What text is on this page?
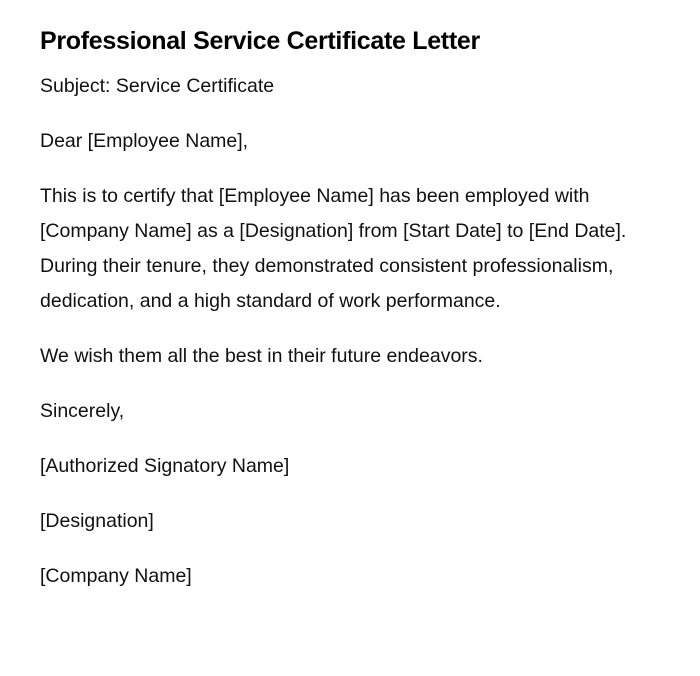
Professional Service Certificate Letter

Subject: Service Certificate

Dear [Employee Name],

This is to certify that [Employee Name] has been employed with [Company Name] as a [Designation] from [Start Date] to [End Date]. During their tenure, they demonstrated consistent professionalism, dedication, and a high standard of work performance.

We wish them all the best in their future endeavors.

Sincerely,

[Authorized Signatory Name]

[Designation]

[Company Name]
